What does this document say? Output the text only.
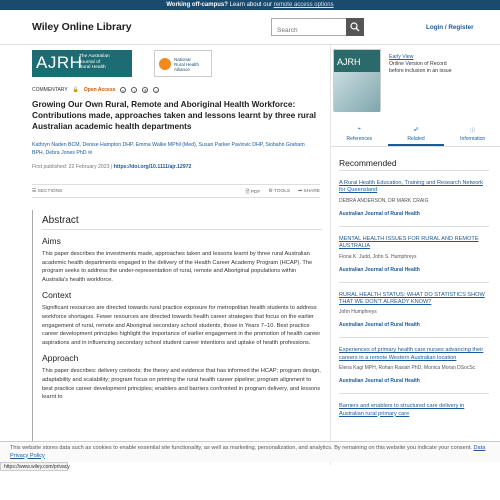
Working off-campus? Learn about our remote access options
Wiley Online Library
Search	Login / Register
AJRH
The Australian
Journal of
Rural Health
National
Rural Health
Alliance
COMMENTARY 🔓 Open Access	c	i	$	=
Growing Our Own Rural, Remote and Aboriginal Health Workforce: Contributions made, approaches taken and lessons learnt by three rural Australian academic health departments
Kathryn Naden BCM, Denise Hampton DHP, Emma Walke MPhil (Med), Susan Parker Pavlovic DHP, Siobahn Graham BPH, Debra Jones PhD ✉
First published: 22 February 2023 | https://doi.org/10.1111/ajr.12972
☰ SECTIONS	🗎 PDF ⚙ TOOLS ➦ SHARE
Abstract
Aims

This paper describes the investments made, approaches taken and lessons learnt by three rural Australian academic health departments engaged in the delivery of the Health Career Academy Program (HCAP). The program seeks to address the under-representation of rural, remote and Aboriginal populations within Australia's health workforce.

Context

Significant resources are directed towards rural practice exposure for metropolitan health students to address workforce shortages. Fewer resources are directed towards health career strategies that focus on the earlier engagement of rural, remote and Aboriginal secondary school students, those in Years 7–10. Best practice career development principles highlight the importance of earlier engagement in the promotion of health career aspirations and in influencing secondary school student career intentions and uptake of health professions.

Approach

This paper describes: delivery contexts; the theory and evidence that has informed the HCAP; program design, adaptability and scalability; program focus on priming the rural health career pipeline; program alignment to best practice career development principles; enablers and barriers confronted in program delivery, and lessons learnt to

AJRH	Early View
Online Version of Record
before inclusion in an issue
❝
References
☍
Related
ⓘ
Information
Recommended
A Rural Health Education, Training and Research Network for Queensland
DEBRA ANDERSON, DR MARK CRAIG
Australian Journal of Rural Health
MENTAL HEALTH ISSUES FOR RURAL AND REMOTE AUSTRALIA
Fiona K. Judd, John S. Humphreys
Australian Journal of Rural Health
RURAL HEALTH STATUS: WHAT DO STATISTICS SHOW THAT WE DON'T ALREADY KNOW?
John Humphreys
Australian Journal of Rural Health
Experiences of primary health care nurses advancing their careers in a remote Western Australian location
Elena Kagi MPH, Rohan Rasiah PhD, Monica Moran DSocSc
Australian Journal of Rural Health
Barriers and enablers to structured care delivery in Australian rural primary care
This website stores data such as cookies to enable essential site functionality, as well as marketing, personalization, and analytics. By remaining on this website you indicate your consent. Data Privacy Policy
https://www.wiley.com/privacy
